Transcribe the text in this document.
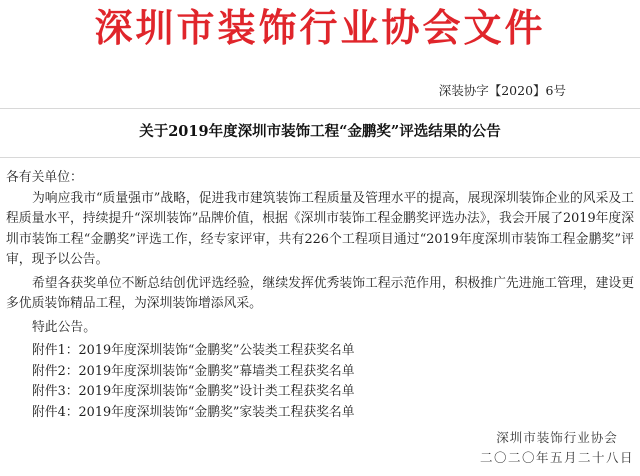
深圳市装饰行业协会文件
深装协字【2020】6号
关于2019年度深圳市装饰工程“金鹏奖”评选结果的公告
各有关单位：
为响应我市“质量强市”战略，促进我市建筑装饰工程质量及管理水平的提高，展现深圳装饰企业的风采及工程质量水平，持续提升“深圳装饰”品牌价值，根据《深圳市装饰工程金鹏奖评选办法》，我会开展了2019年度深圳市装饰工程“金鹏奖”评选工作，经专家评审，共有226个工程项目通过“2019年度深圳市装饰工程金鹏奖”评审，现予以公告。
希望各获奖单位不断总结创优评选经验，继续发挥优秀装饰工程示范作用，积极推广先进施工管理，建设更多优质装饰精品工程，为深圳装饰增添风采。
特此公告。
附件1：2019年度深圳装饰“金鹏奖”公装类工程获奖名单
附件2：2019年度深圳装饰“金鹏奖”幕墙类工程获奖名单
附件3：2019年度深圳装饰“金鹏奖”设计类工程获奖名单
附件4：2019年度深圳装饰“金鹏奖”家装类工程获奖名单
深圳市装饰行业协会
二〇二〇年五月二十八日
